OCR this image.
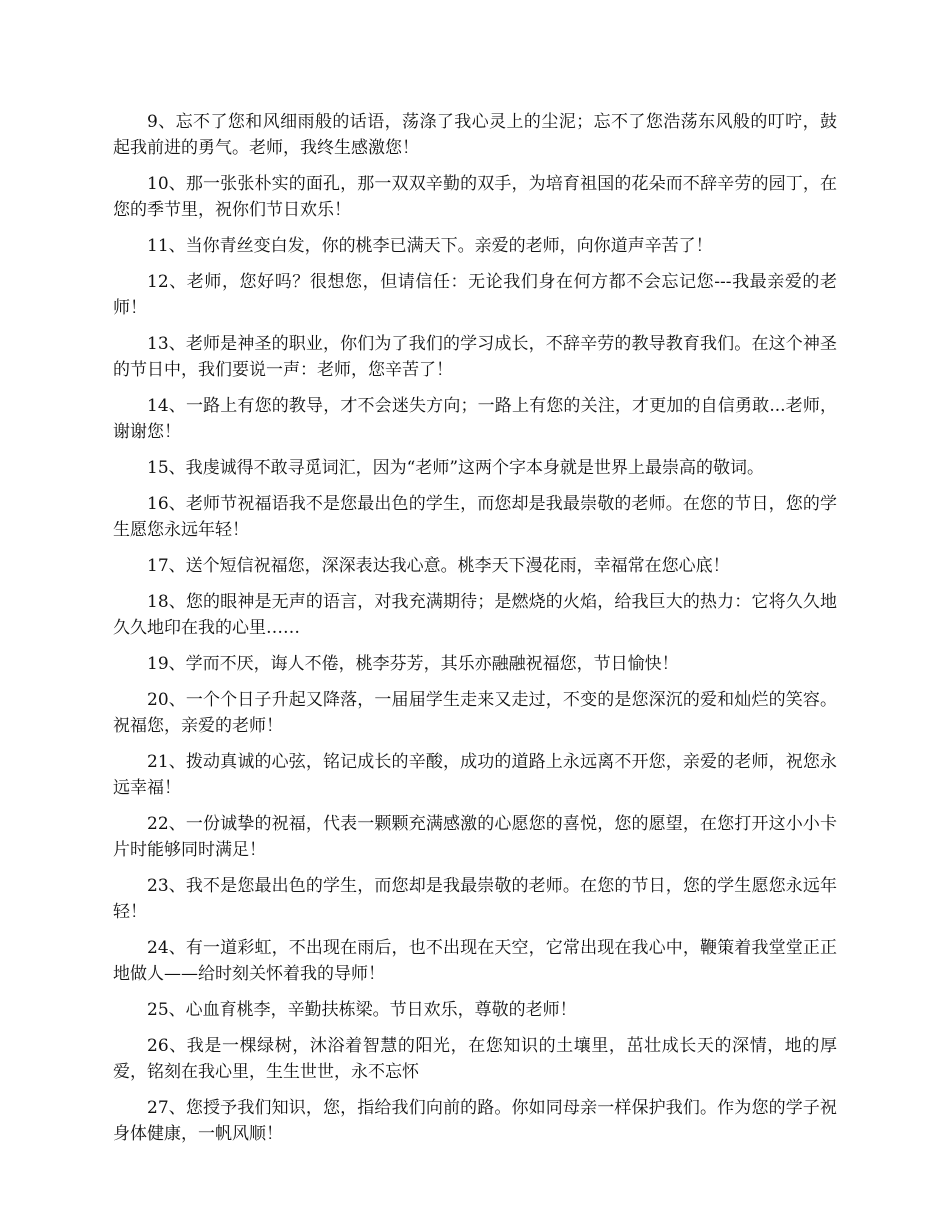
9、忘不了您和风细雨般的话语，荡涤了我心灵上的尘泥；忘不了您浩荡东风般的叮咛，鼓起我前进的勇气。老师，我终生感激您！

10、那一张张朴实的面孔，那一双双辛勤的双手，为培育祖国的花朵而不辞辛劳的园丁，在您的季节里，祝你们节日欢乐！

11、当你青丝变白发，你的桃李已满天下。亲爱的老师，向你道声辛苦了！

12、老师，您好吗？很想您，但请信任：无论我们身在何方都不会忘记您---我最亲爱的老师！

13、老师是神圣的职业，你们为了我们的学习成长，不辞辛劳的教导教育我们。在这个神圣的节日中，我们要说一声：老师，您辛苦了！

14、一路上有您的教导，才不会迷失方向；一路上有您的关注，才更加的自信勇敢...老师，谢谢您！

15、我虔诚得不敢寻觅词汇，因为“老师”这两个字本身就是世界上最崇高的敬词。

16、老师节祝福语我不是您最出色的学生，而您却是我最崇敬的老师。在您的节日，您的学生愿您永远年轻！

17、送个短信祝福您，深深表达我心意。桃李天下漫花雨，幸福常在您心底！

18、您的眼神是无声的语言，对我充满期待；是燃烧的火焰，给我巨大的热力：它将久久地久久地印在我的心里……

19、学而不厌，诲人不倦，桃李芬芳，其乐亦融融祝福您，节日愉快！

20、一个个日子升起又降落，一届届学生走来又走过，不变的是您深沉的爱和灿烂的笑容。祝福您，亲爱的老师！

21、拨动真诚的心弦，铭记成长的辛酸，成功的道路上永远离不开您，亲爱的老师，祝您永远幸福！

22、一份诚挚的祝福，代表一颗颗充满感激的心愿您的喜悦，您的愿望，在您打开这小小卡片时能够同时满足！

23、我不是您最出色的学生，而您却是我最崇敬的老师。在您的节日，您的学生愿您永远年轻！

24、有一道彩虹，不出现在雨后，也不出现在天空，它常出现在我心中，鞭策着我堂堂正正地做人——给时刻关怀着我的导师！

25、心血育桃李，辛勤扶栋梁。节日欢乐，尊敬的老师！

26、我是一棵绿树，沐浴着智慧的阳光，在您知识的土壤里，茁壮成长天的深情，地的厚爱，铭刻在我心里，生生世世，永不忘怀

27、您授予我们知识，您，指给我们向前的路。你如同母亲一样保护我们。作为您的学子祝身体健康，一帆风顺！
